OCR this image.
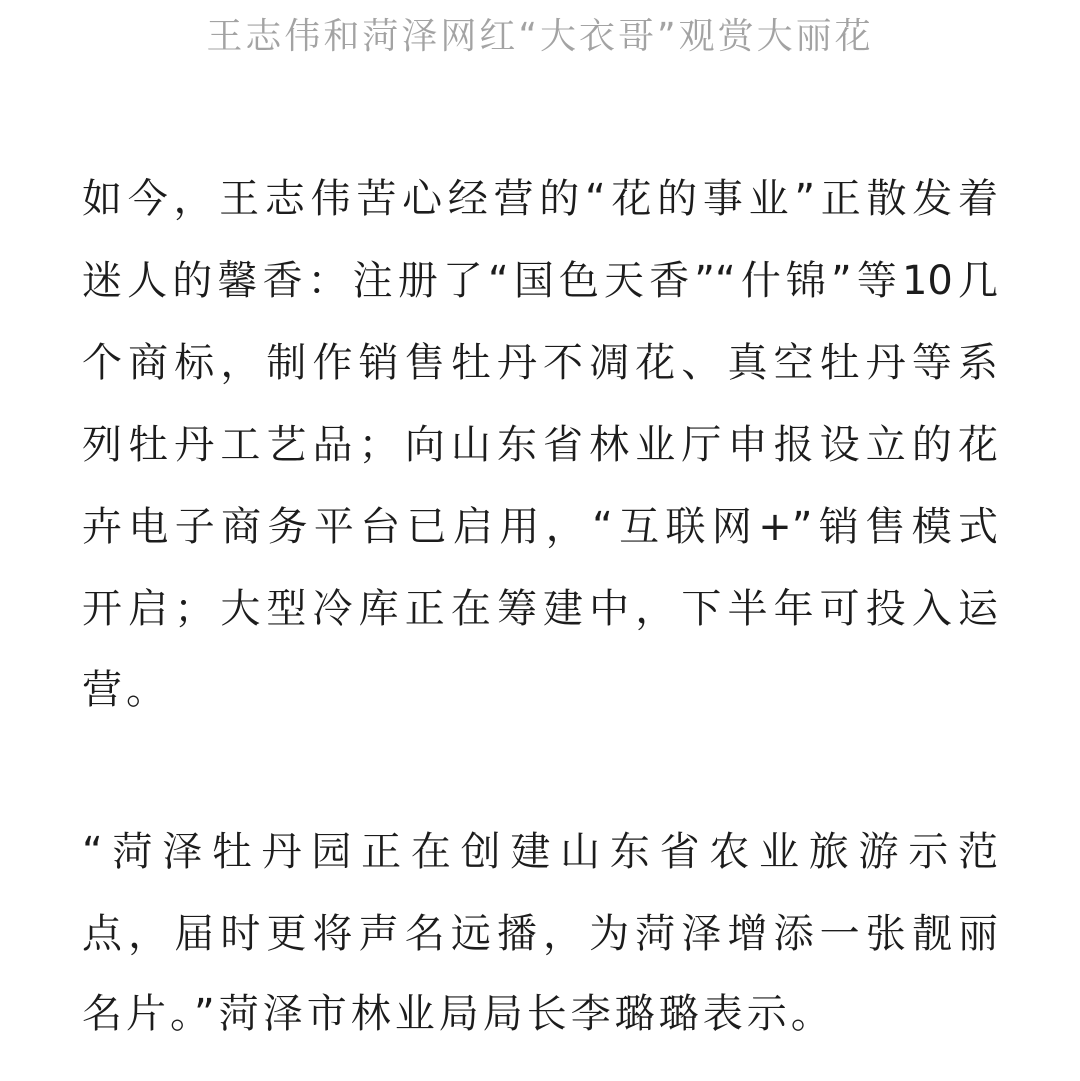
王志伟和菏泽网红“大衣哥”观赏大丽花
如今，王志伟苦心经营的“花的事业”正散发着
迷人的馨香：注册了“国色天香”“什锦”等10几
个商标，制作销售牡丹不凋花、真空牡丹等系
列牡丹工艺品；向山东省林业厅申报设立的花
卉电子商务平台已启用，“互联网+”销售模式
开启；大型冷库正在筹建中，下半年可投入运
营。
“菏泽牡丹园正在创建山东省农业旅游示范
点，届时更将声名远播，为菏泽增添一张靓丽
名片。”菏泽市林业局局长李璐璐表示。
